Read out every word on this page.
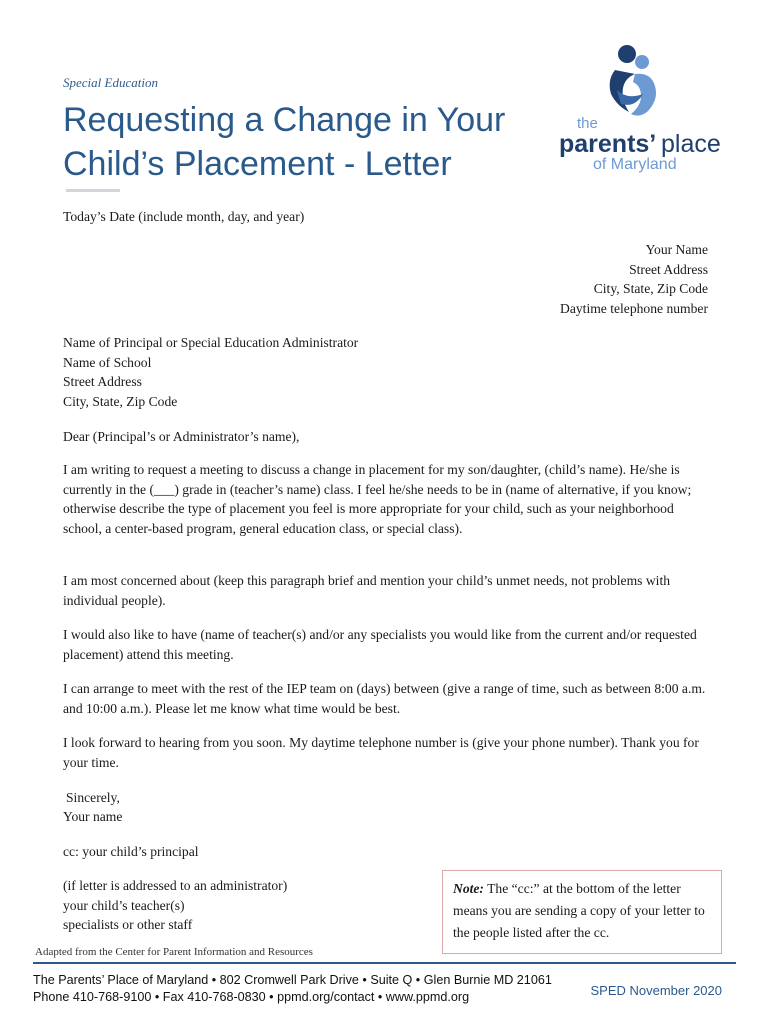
Special Education
Requesting a Change in Your
Child’s Placement - Letter
the
parents’ place
of Maryland
Today’s Date (include month, day, and year)
Your Name
Street Address
City, State, Zip Code
Daytime telephone number
Name of Principal or Special Education Administrator
Name of School
Street Address
City, State, Zip Code
Dear (Principal’s or Administrator’s name),
I am writing to request a meeting to discuss a change in placement for my son/daughter, (child’s name). He/she is currently in the (___) grade in (teacher’s name) class. I feel he/she needs to be in (name of alternative, if you know; otherwise describe the type of placement you feel is more appropriate for your child, such as your neighborhood school, a center-based program, general education class, or special class).
I am most concerned about (keep this paragraph brief and mention your child’s unmet needs, not problems with individual people).
I would also like to have (name of teacher(s) and/or any specialists you would like from the current and/or requested placement) attend this meeting.
I can arrange to meet with the rest of the IEP team on (days) between (give a range of time, such as between 8:00 a.m. and 10:00 a.m.). Please let me know what time would be best.
I look forward to hearing from you soon. My daytime telephone number is (give your phone number). Thank you for your time.
Sincerely,
Your name
cc: your child’s principal
(if letter is addressed to an administrator)
your child’s teacher(s)
specialists or other staff
Note: The “cc:” at the bottom of the letter means you are sending a copy of your letter to the people listed after the cc.
Adapted from the Center for Parent Information and Resources
The Parents’ Place of Maryland • 802 Cromwell Park Drive • Suite Q • Glen Burnie MD 21061
Phone 410-768-9100 • Fax 410-768-0830 • ppmd.org/contact • www.ppmd.org	SPED November 2020
